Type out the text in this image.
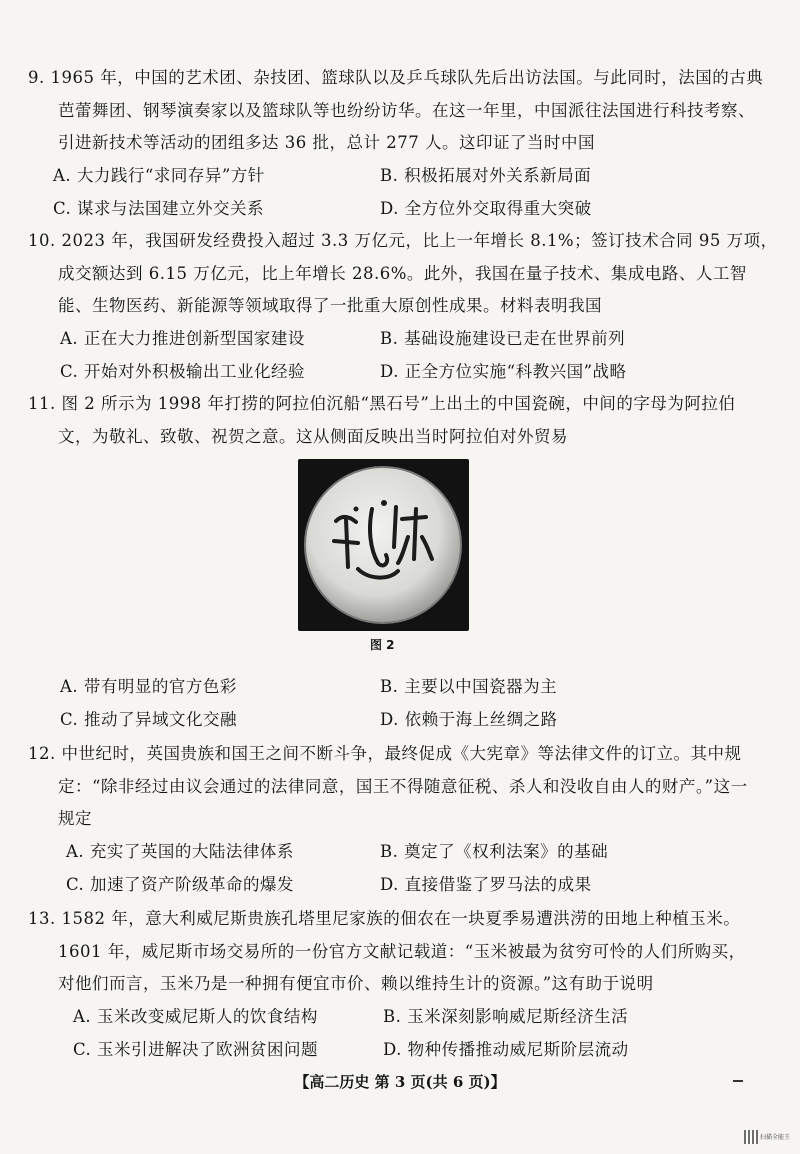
9. 1965 年，中国的艺术团、杂技团、篮球队以及乒乓球队先后出访法国。与此同时，法国的古典
芭蕾舞团、钢琴演奏家以及篮球队等也纷纷访华。在这一年里，中国派往法国进行科技考察、
引进新技术等活动的团组多达 36 批，总计 277 人。这印证了当时中国
A. 大力践行“求同存异”方针	B. 积极拓展对外关系新局面
C. 谋求与法国建立外交关系	D. 全方位外交取得重大突破
10. 2023 年，我国研发经费投入超过 3.3 万亿元，比上一年增长 8.1%；签订技术合同 95 万项，
成交额达到 6.15 万亿元，比上年增长 28.6%。此外，我国在量子技术、集成电路、人工智
能、生物医药、新能源等领域取得了一批重大原创性成果。材料表明我国
A. 正在大力推进创新型国家建设	B. 基础设施建设已走在世界前列
C. 开始对外积极输出工业化经验	D. 正全方位实施“科教兴国”战略
11. 图 2 所示为 1998 年打捞的阿拉伯沉船“黑石号”上出土的中国瓷碗，中间的字母为阿拉伯
文，为敬礼、致敬、祝贺之意。这从侧面反映出当时阿拉伯对外贸易
图 2
A. 带有明显的官方色彩	B. 主要以中国瓷器为主
C. 推动了异域文化交融	D. 依赖于海上丝绸之路
12. 中世纪时，英国贵族和国王之间不断斗争，最终促成《大宪章》等法律文件的订立。其中规
定：“除非经过由议会通过的法律同意，国王不得随意征税、杀人和没收自由人的财产。”这一
规定
A. 充实了英国的大陆法律体系	B. 奠定了《权利法案》的基础
C. 加速了资产阶级革命的爆发	D. 直接借鉴了罗马法的成果
13. 1582 年，意大利威尼斯贵族孔塔里尼家族的佃农在一块夏季易遭洪涝的田地上种植玉米。
1601 年，威尼斯市场交易所的一份官方文献记载道：“玉米被最为贫穷可怜的人们所购买，
对他们而言，玉米乃是一种拥有便宜市价、赖以维持生计的资源。”这有助于说明
A. 玉米改变威尼斯人的饮食结构	B. 玉米深刻影响威尼斯经济生活
C. 玉米引进解决了欧洲贫困问题	D. 物种传播推动威尼斯阶层流动
【高二历史 第 3 页(共 6 页)】
扫描全能王
